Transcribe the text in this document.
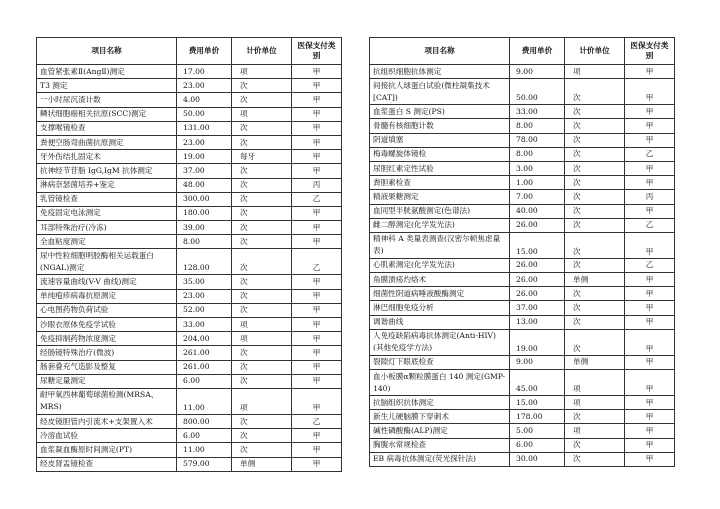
项目名称	费用单价	计价单位	医保支付类别
血管紧张素Ⅱ(AngⅡ)测定	17.00	项	甲
T3 测定	23.00	次	甲
一小时尿沉渣计数	4.00	次	甲
鳞状细胞癌相关抗原(SCC)测定	50.00	项	甲
支撑喉镜检查	131.00	次	甲
粪便空肠弯曲菌抗原测定	23.00	次	甲
牙外伤结扎固定术	19.00	每牙	甲
抗神经节苷脂 IgG,IgM 抗体测定	37.00	次	甲
淋病奈瑟菌培养+鉴定	48.00	次	丙
乳管镜检查	300.00	次	乙
免疫固定电泳测定	180.00	次	甲
耳部特殊治疗(冷冻)	39.00	次	甲
全血粘度测定	8.00	次	甲
尿中性粒细胞明胶酶相关运载蛋白(NGAL)测定	128.00	次	乙
流速容量曲线(V-V 曲线)测定	35.00	次	甲
单纯疱疹病毒抗原测定	23.00	次	甲
心电图药物负荷试验	52.00	次	甲
沙眼衣原体免疫学试验	33.00	项	甲
免疫抑制药物浓度测定	204.00	项	甲
经肠镜特殊治疗(微波)	261.00	次	甲
肠套叠充气造影及整复	261.00	次	甲
尿糖定量测定	6.00	次	甲
耐甲氧西林葡萄球菌检测(MRSA、MRS)	11.00	项	甲
经皮镜胆管内引流术+支架置入术	800.00	次	乙
冷溶血试验	6.00	次	甲
血浆凝血酶原时间测定(PT)	11.00	次	甲
经皮肾盂镜检查	579.00	单侧	甲
项目名称	费用单价	计价单位	医保支付类别
抗组织细胞抗体测定	9.00	项	甲
间接抗人球蛋白试验(微柱凝集技术[CAT])	50.00	次	甲
血浆蛋白 S 测定(PS)	33.00	次	甲
骨髓有核细胞计数	8.00	次	甲
阴道填塞	78.00	次	甲
梅毒螺旋体镜检	8.00	次	乙
尿胆红素定性试验	3.00	次	甲
粪胆素检查	1.00	次	甲
精液果糖测定	7.00	次	丙
血同型半胱氨酸测定(色谱法)	40.00	次	甲
雌二醇测定(化学发光法)	26.00	次	乙
精神科 A 类量表测查(汉密尔顿焦虑量表)	15.00	次	甲
心肌素测定(化学发光法)	26.00	次	乙
角膜溃疡灼烙术	26.00	单侧	甲
细菌性阴道病唾液酸酶测定	26.00	次	甲
淋巴细胞免疫分析	37.00	次	甲
调谐曲线	13.00	次	甲
人免疫缺陷病毒抗体测定(Anti-HIV)(其他免疫学方法)	19.00	次	甲
裂隙灯下眼底检查	9.00	单侧	甲
血小板膜α颗粒膜蛋白 140 测定(GMP-140)	45.00	项	甲
抗脑组织抗体测定	15.00	项	甲
新生儿硬脑膜下穿刺术	178.00	次	甲
碱性磷酸酶(ALP)测定	5.00	项	甲
胸腹水常规检查	6.00	次	甲
EB 病毒抗体测定(荧光探针法)	30.00	次	甲
